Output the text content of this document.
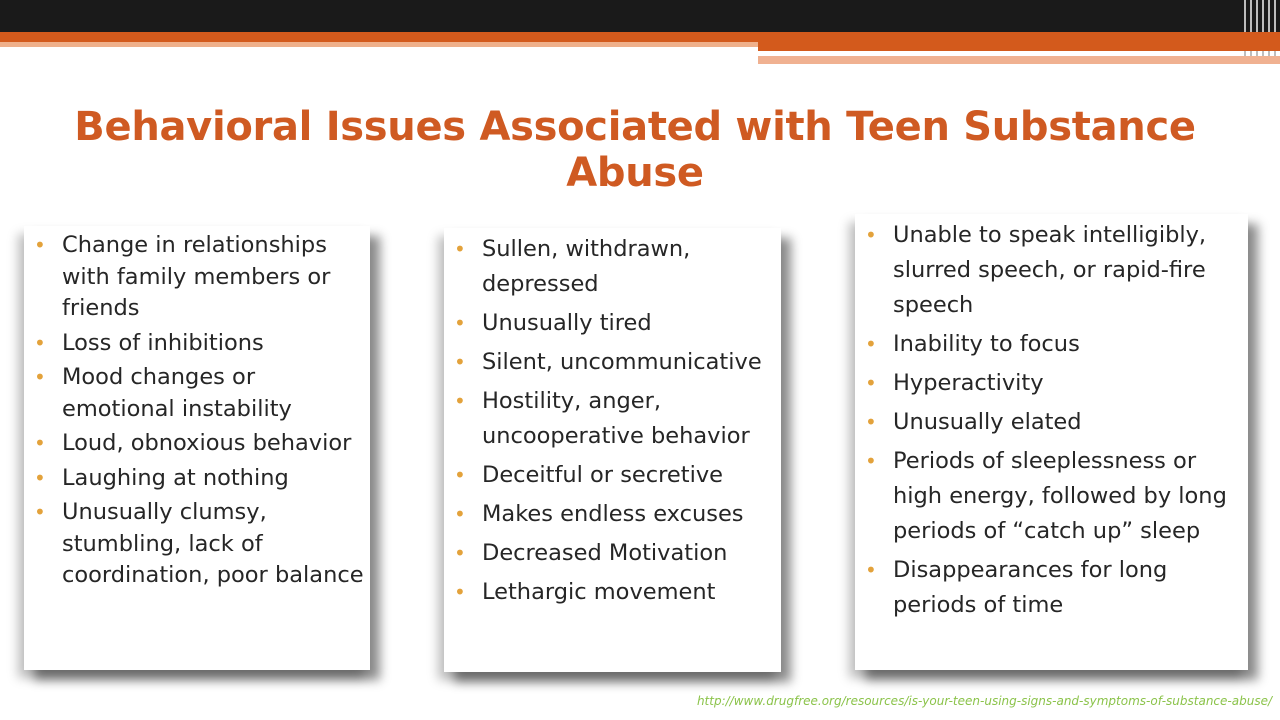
Behavioral Issues Associated with Teen Substance Abuse
• Change in relationships with family members or friends
• Loss of inhibitions
• Mood changes or emotional instability
• Loud, obnoxious behavior
• Laughing at nothing
• Unusually clumsy, stumbling, lack of coordination, poor balance
• Sullen, withdrawn, depressed
• Unusually tired
• Silent, uncommunicative
• Hostility, anger, uncooperative behavior
• Deceitful or secretive
• Makes endless excuses
• Decreased Motivation
• Lethargic movement
• Unable to speak intelligibly, slurred speech, or rapid-fire speech
• Inability to focus
• Hyperactivity
• Unusually elated
• Periods of sleeplessness or high energy, followed by long periods of “catch up” sleep
• Disappearances for long periods of time
http://www.drugfree.org/resources/is-your-teen-using-signs-and-symptoms-of-substance-abuse/
